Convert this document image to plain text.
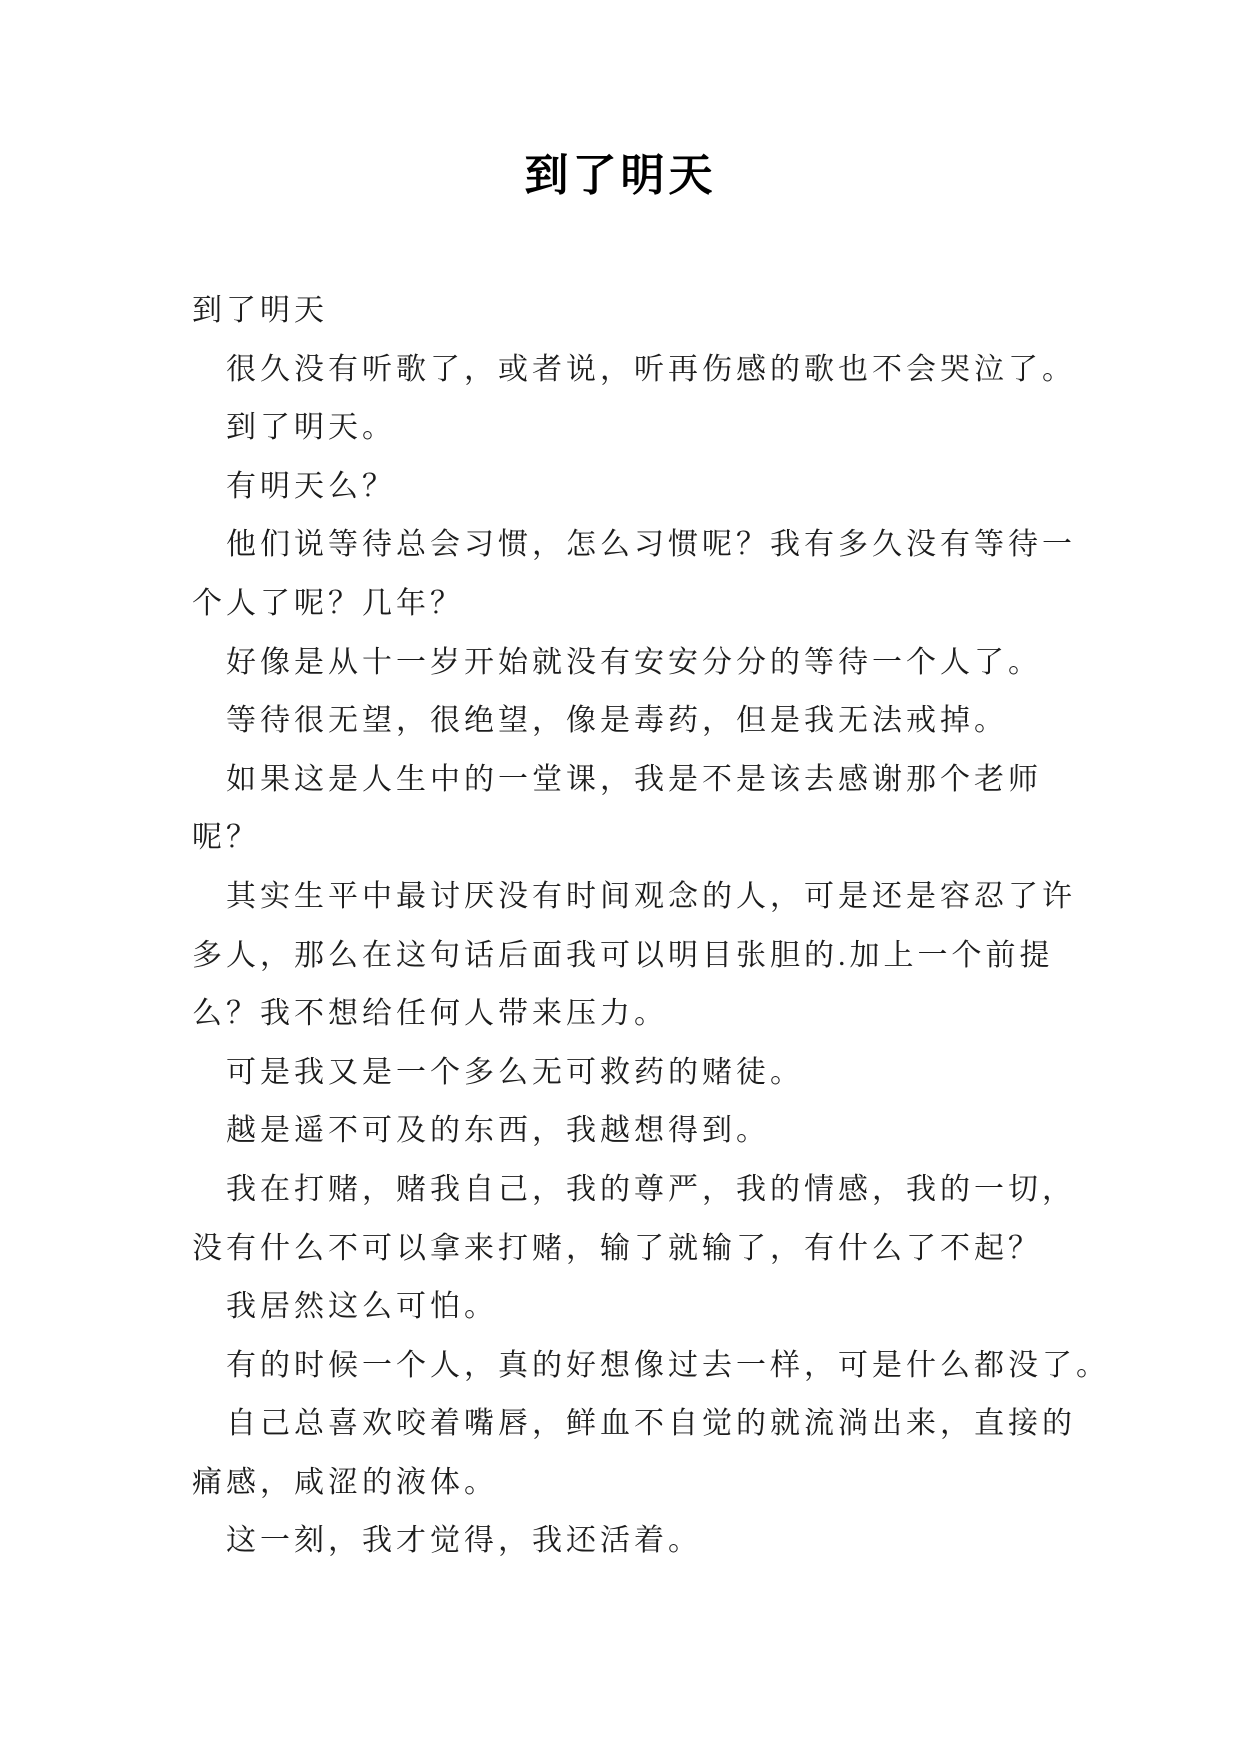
到了明天
到了明天
很久没有听歌了，或者说，听再伤感的歌也不会哭泣了。
到了明天。
有明天么？
他们说等待总会习惯，怎么习惯呢？我有多久没有等待一
个人了呢？几年？
好像是从十一岁开始就没有安安分分的等待一个人了。
等待很无望，很绝望，像是毒药，但是我无法戒掉。
如果这是人生中的一堂课，我是不是该去感谢那个老师
呢？
其实生平中最讨厌没有时间观念的人，可是还是容忍了许
多人，那么在这句话后面我可以明目张胆的.加上一个前提
么？我不想给任何人带来压力。
可是我又是一个多么无可救药的赌徒。
越是遥不可及的东西，我越想得到。
我在打赌，赌我自己，我的尊严，我的情感，我的一切，
没有什么不可以拿来打赌，输了就输了，有什么了不起？
我居然这么可怕。
有的时候一个人，真的好想像过去一样，可是什么都没了。
自己总喜欢咬着嘴唇，鲜血不自觉的就流淌出来，直接的
痛感，咸涩的液体。
这一刻，我才觉得，我还活着。
